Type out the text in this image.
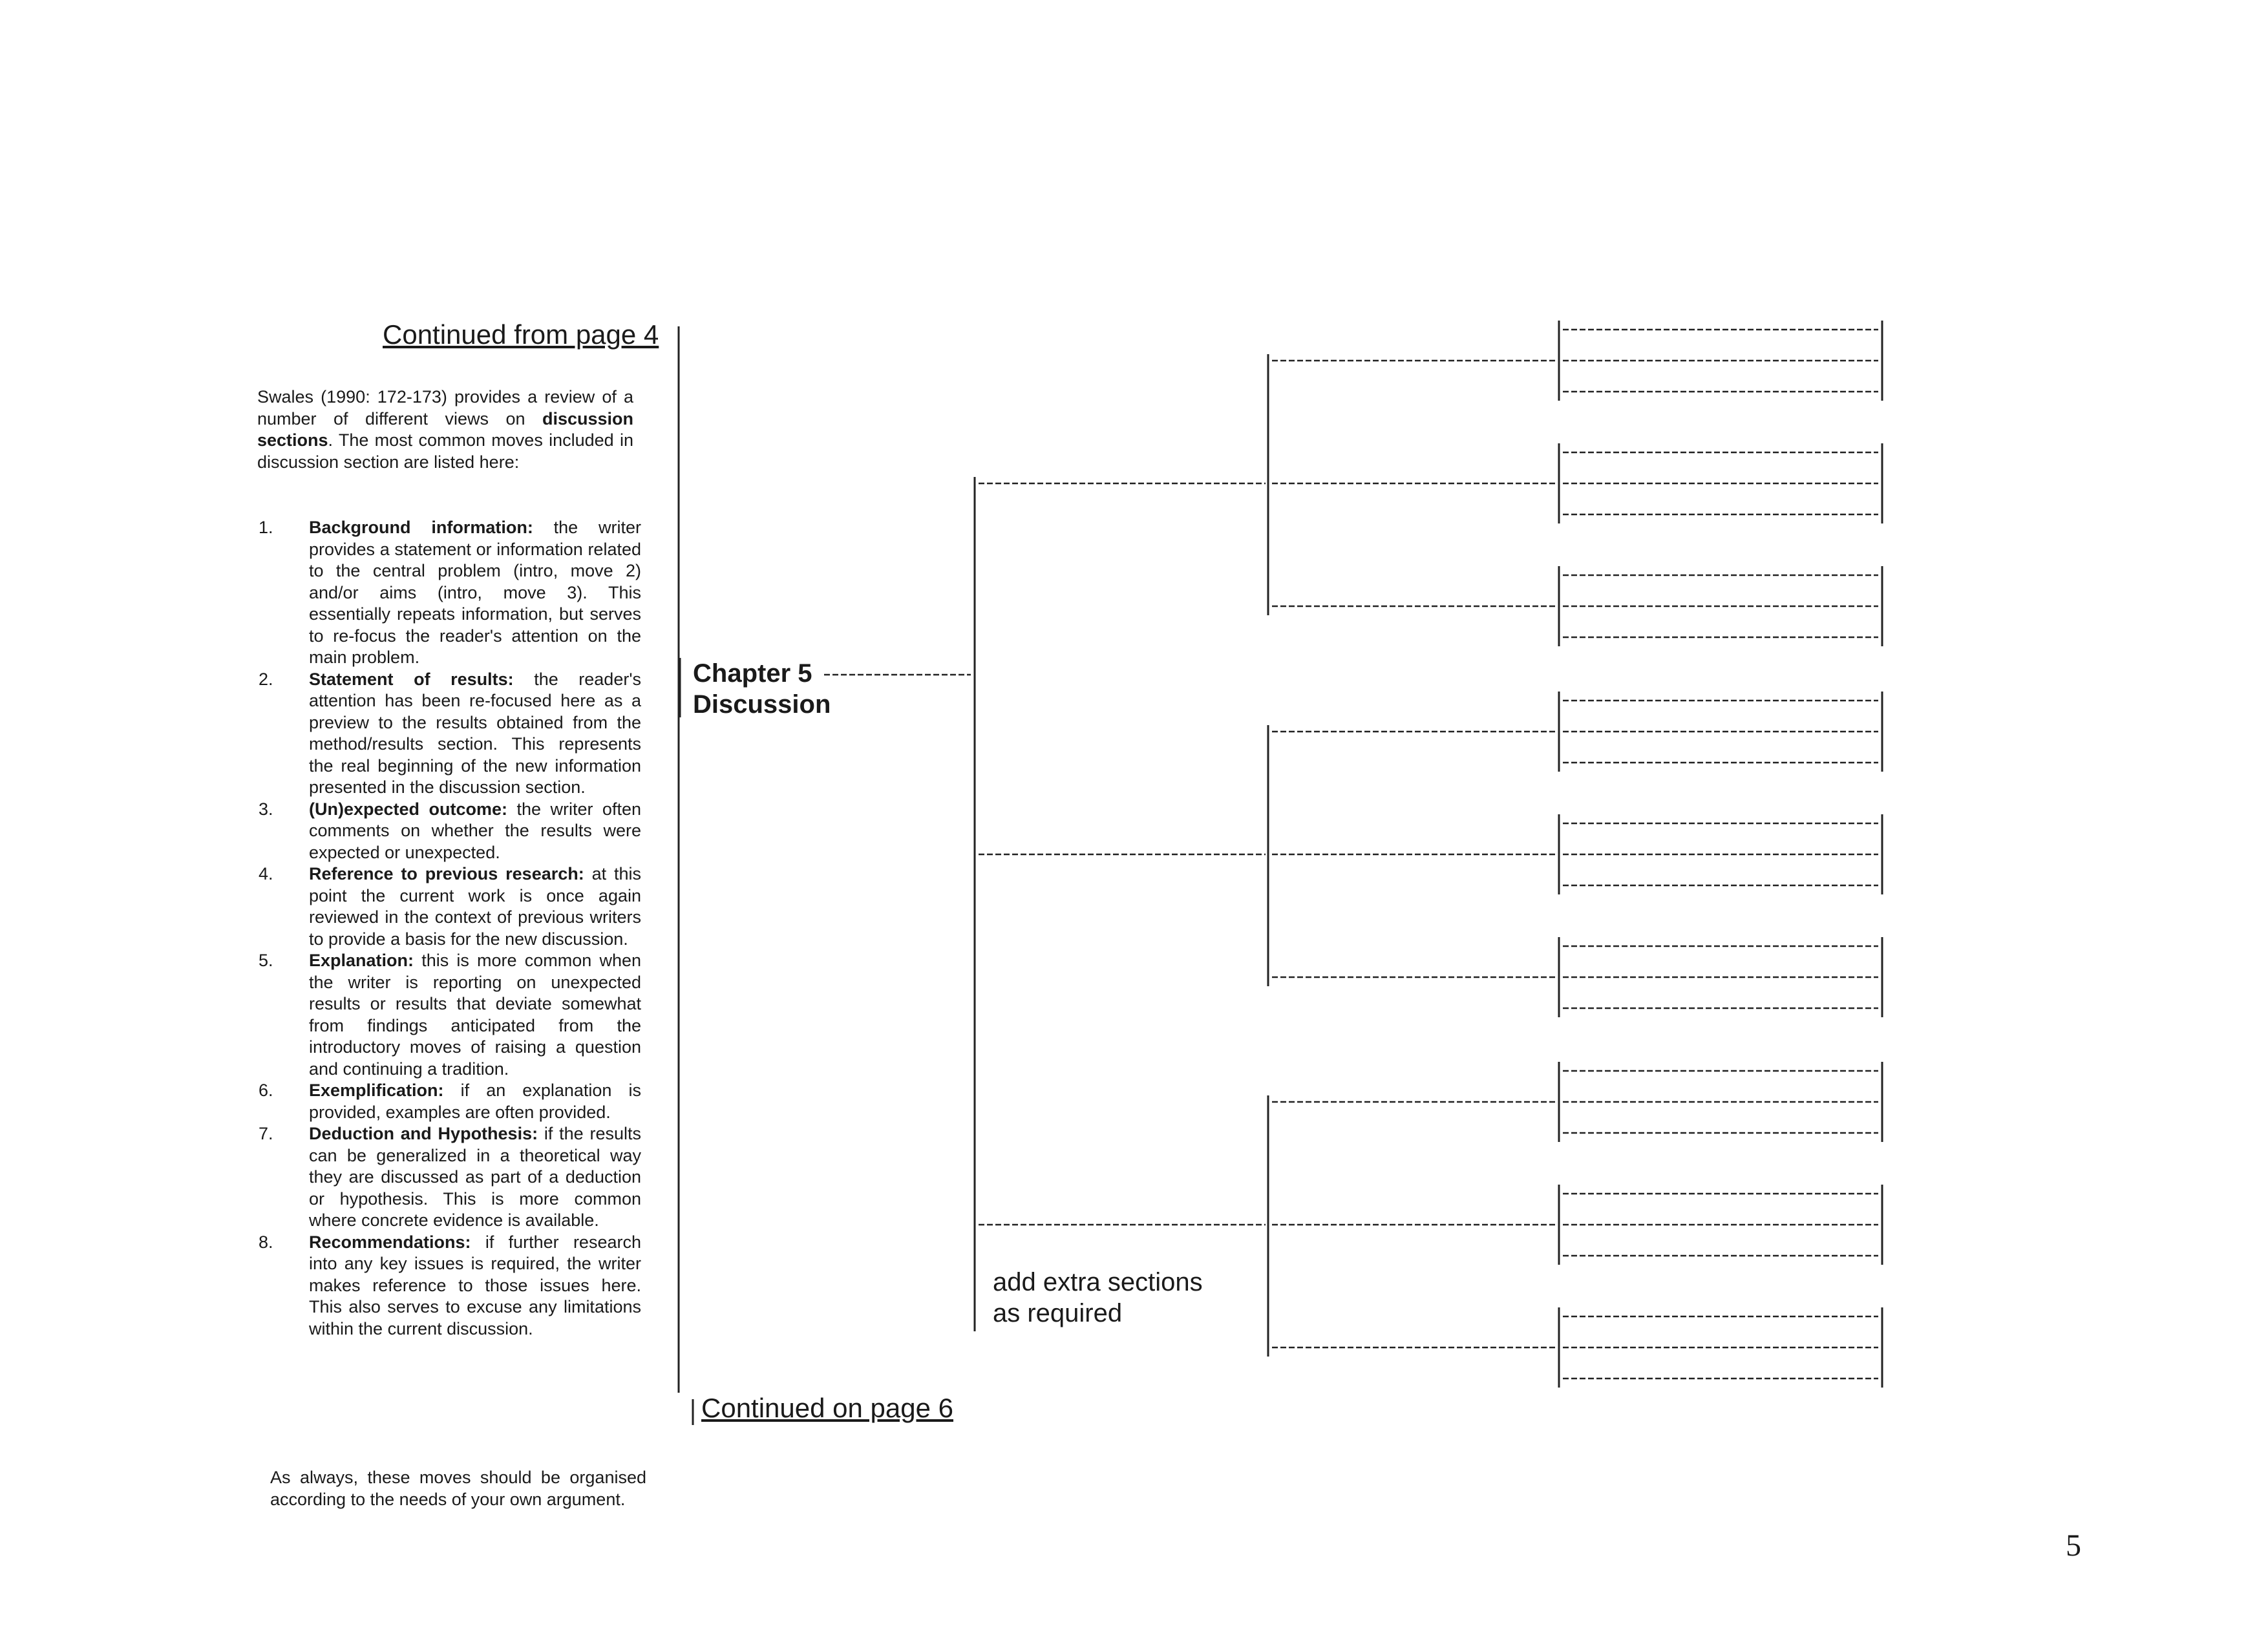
Continued from page 4

Swales (1990: 172-173) provides a review of a number of different views on discussion sections. The most common moves included in discussion section are listed here:

1. Background information: the writer provides a statement or information related to the central problem (intro, move 2) and/or aims (intro, move 3). This essentially repeats information, but serves to re-focus the reader's attention on the main problem.
2. Statement of results: the reader's attention has been re-focused here as a preview to the results obtained from the method/results section. This represents the real beginning of the new information presented in the discussion section.
3. (Un)expected outcome: the writer often comments on whether the results were expected or unexpected.
4. Reference to previous research: at this point the current work is once again reviewed in the context of previous writers to provide a basis for the new discussion.
5. Explanation: this is more common when the writer is reporting on unexpected results or results that deviate somewhat from findings anticipated from the introductory moves of raising a question and continuing a tradition.
6. Exemplification: if an explanation is provided, examples are often provided.
7. Deduction and Hypothesis: if the results can be generalized in a theoretical way they are discussed as part of a deduction or hypothesis. This is more common where concrete evidence is available.
8. Recommendations: if further research into any key issues is required, the writer makes reference to those issues here. This also serves to excuse any limitations within the current discussion.

As always, these moves should be organised according to the needs of your own argument.

Chapter 5
Discussion
add extra sections
as required
Continued on page 6
5
